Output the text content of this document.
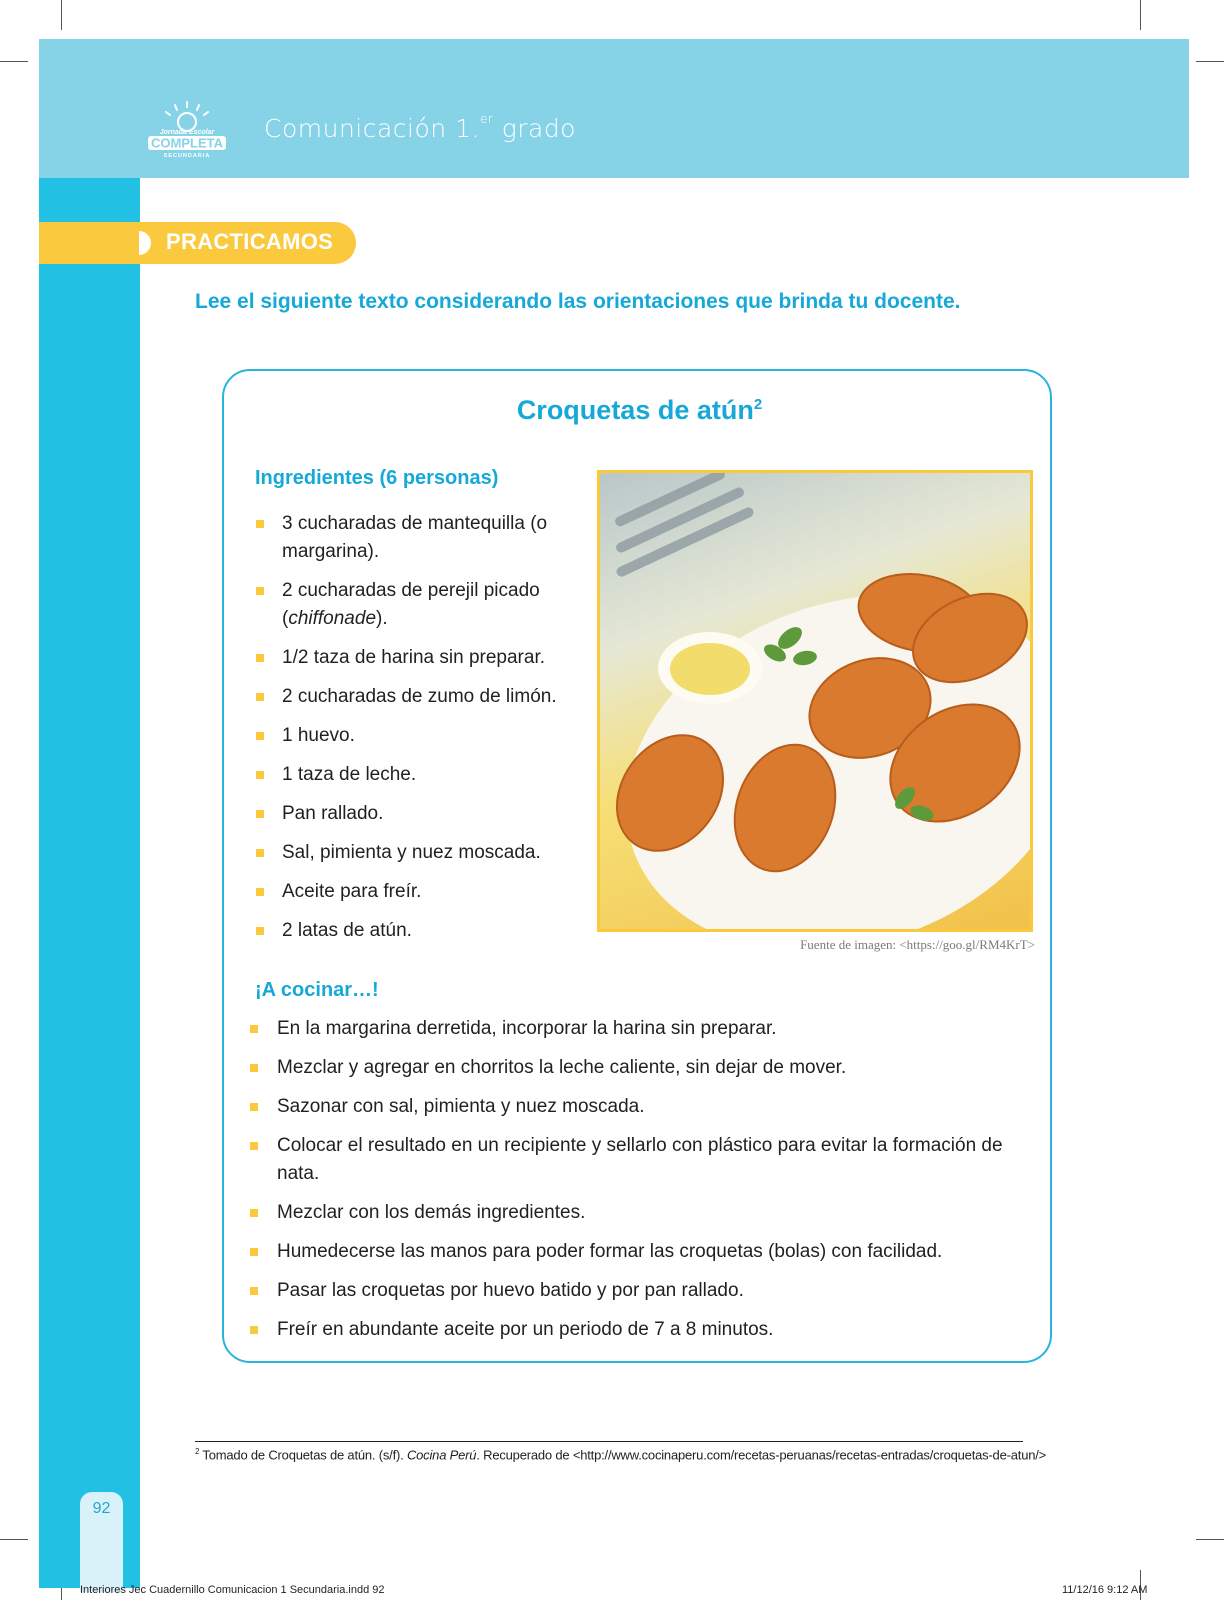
Jornada Escolar
COMPLETA
SECUNDARIA
Comunicación 1.$^{er}$ grado
PRACTICAMOS
Lee el siguiente texto considerando las orientaciones que brinda tu docente.
Croquetas de atún$^2$
Ingredientes (6 personas)
3 cucharadas de mantequilla (o margarina).
2 cucharadas de perejil picado (chiffonade).
1/2 taza de harina sin preparar.
2 cucharadas de zumo de limón.
1 huevo.
1 taza de leche.
Pan rallado.
Sal, pimienta y nuez moscada.
Aceite para freír.
2 latas de atún.
Fuente de imagen: <https://goo.gl/RM4KrT>
¡A cocinar…!
En la margarina derretida, incorporar la harina sin preparar.
Mezclar y agregar en chorritos la leche caliente, sin dejar de mover.
Sazonar con sal, pimienta y nuez moscada.
Colocar el resultado en un recipiente y sellarlo con plástico para evitar la formación de nata.
Mezclar con los demás ingredientes.
Humedecerse las manos para poder formar las croquetas (bolas) con facilidad.
Pasar las croquetas por huevo batido y por pan rallado.
Freír en abundante aceite por un periodo de 7 a 8 minutos.
$^2$ Tomado de Croquetas de atún. (s/f). Cocina Perú. Recuperado de <http://www.cocinaperu.com/recetas-peruanas/recetas-entradas/croquetas-de-atun/>
92
Interiores Jec Cuadernillo Comunicacion 1 Secundaria.indd 92	11/12/16 9:12 AM
